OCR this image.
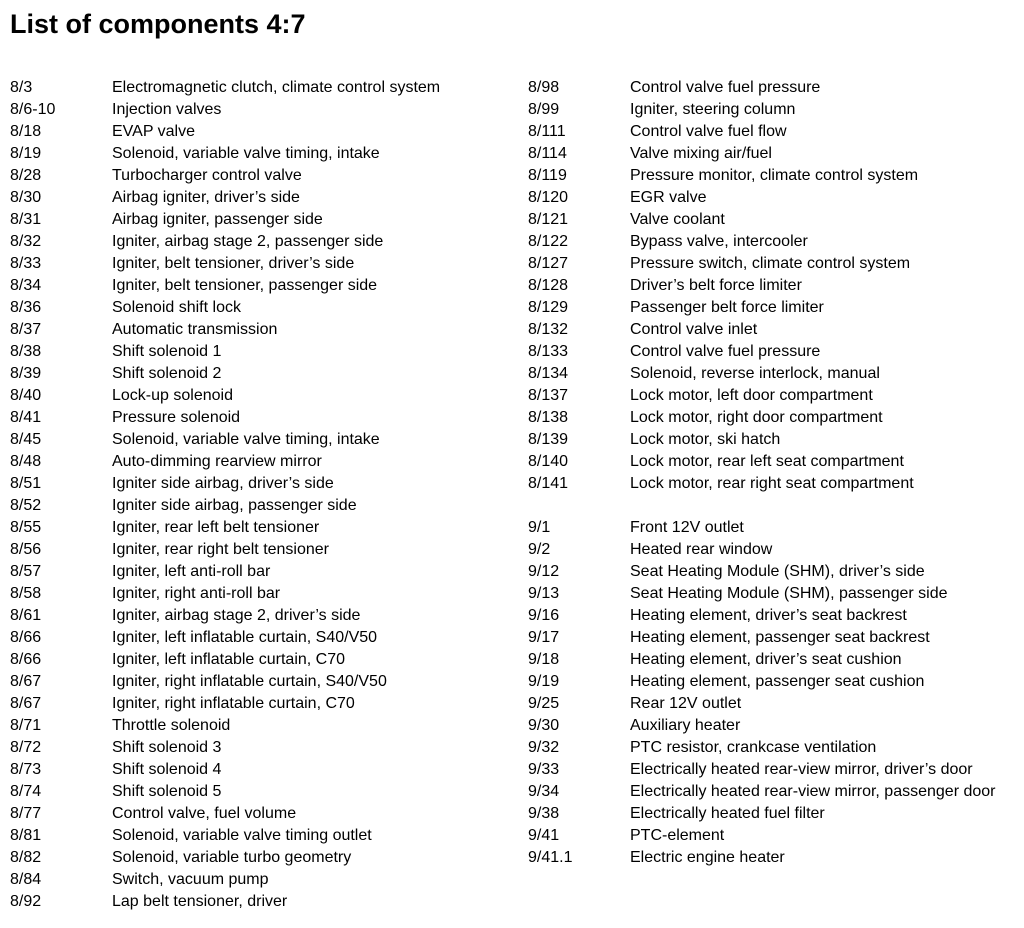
List of components 4:7
8/3	Electromagnetic clutch, climate control system
8/6-10	Injection valves
8/18	EVAP valve
8/19	Solenoid, variable valve timing, intake
8/28	Turbocharger control valve
8/30	Airbag igniter, driver’s side
8/31	Airbag igniter, passenger side
8/32	Igniter, airbag stage 2, passenger side
8/33	Igniter, belt tensioner, driver’s side
8/34	Igniter, belt tensioner, passenger side
8/36	Solenoid shift lock
8/37	Automatic transmission
8/38	Shift solenoid 1
8/39	Shift solenoid 2
8/40	Lock-up solenoid
8/41	Pressure solenoid
8/45	Solenoid, variable valve timing, intake
8/48	Auto-dimming rearview mirror
8/51	Igniter side airbag, driver’s side
8/52	Igniter side airbag, passenger side
8/55	Igniter, rear left belt tensioner
8/56	Igniter, rear right belt tensioner
8/57	Igniter, left anti-roll bar
8/58	Igniter, right anti-roll bar
8/61	Igniter, airbag stage 2, driver’s side
8/66	Igniter, left inflatable curtain, S40/V50
8/66	Igniter, left inflatable curtain, C70
8/67	Igniter, right inflatable curtain, S40/V50
8/67	Igniter, right inflatable curtain, C70
8/71	Throttle solenoid
8/72	Shift solenoid 3
8/73	Shift solenoid 4
8/74	Shift solenoid 5
8/77	Control valve, fuel volume
8/81	Solenoid, variable valve timing outlet
8/82	Solenoid, variable turbo geometry
8/84	Switch, vacuum pump
8/92	Lap belt tensioner, driver
8/98	Control valve fuel pressure
8/99	Igniter, steering column
8/111	Control valve fuel flow
8/114	Valve mixing air/fuel
8/119	Pressure monitor, climate control system
8/120	EGR valve
8/121	Valve coolant
8/122	Bypass valve, intercooler
8/127	Pressure switch, climate control system
8/128	Driver’s belt force limiter
8/129	Passenger belt force limiter
8/132	Control valve inlet
8/133	Control valve fuel pressure
8/134	Solenoid, reverse interlock, manual
8/137	Lock motor, left door compartment
8/138	Lock motor, right door compartment
8/139	Lock motor, ski hatch
8/140	Lock motor, rear left seat compartment
8/141	Lock motor, rear right seat compartment
9/1	Front 12V outlet
9/2	Heated rear window
9/12	Seat Heating Module (SHM), driver’s side
9/13	Seat Heating Module (SHM), passenger side
9/16	Heating element, driver’s seat backrest
9/17	Heating element, passenger seat backrest
9/18	Heating element, driver’s seat cushion
9/19	Heating element, passenger seat cushion
9/25	Rear 12V outlet
9/30	Auxiliary heater
9/32	PTC resistor, crankcase ventilation
9/33	Electrically heated rear-view mirror, driver’s door
9/34	Electrically heated rear-view mirror, passenger door
9/38	Electrically heated fuel filter
9/41	PTC-element
9/41.1	Electric engine heater
